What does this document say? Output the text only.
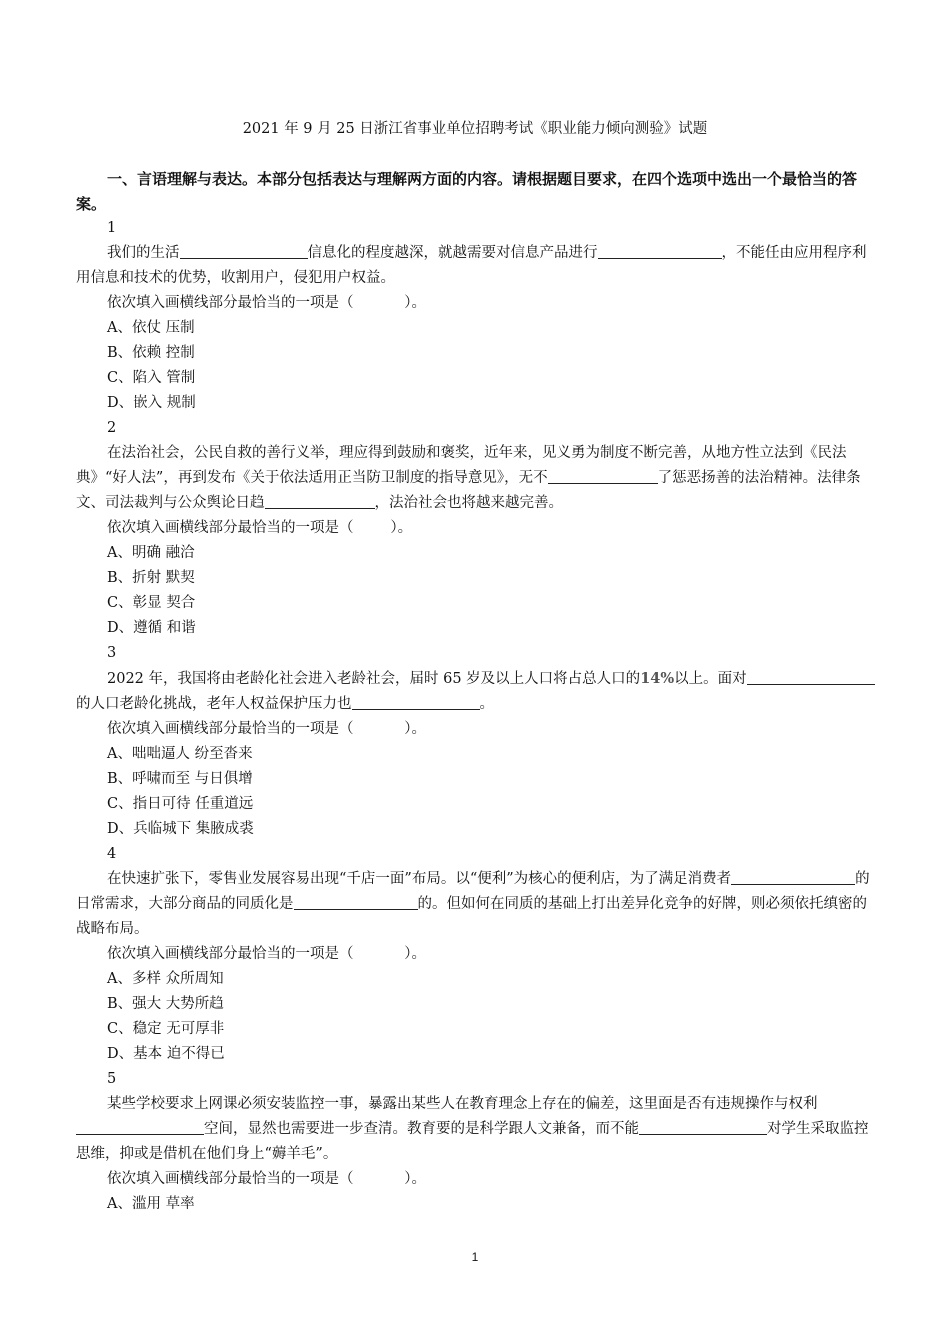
2021 年 9 月 25 日浙江省事业单位招聘考试《职业能力倾向测验》试题
一、言语理解与表达。本部分包括表达与理解两方面的内容。请根据题目要求，在四个选项中选出一个最恰当的答案。

1

我们的生活	信息化的程度越深，就越需要对信息产品进行	，不能任由应用程序利用信息和技术的优势，收割用户，侵犯用户权益。

依次填入画横线部分最恰当的一项是（	）。

A、依仗 压制

B、依赖 控制

C、陷入 管制

D、嵌入 规制

2

在法治社会，公民自救的善行义举，理应得到鼓励和褒奖，近年来，见义勇为制度不断完善，从地方性立法到《民法典》“好人法”，再到发布《关于依法适用正当防卫制度的指导意见》，无不	了惩恶扬善的法治精神。法律条文、司法裁判与公众舆论日趋	，法治社会也将越来越完善。

依次填入画横线部分最恰当的一项是（	）。

A、明确 融洽

B、折射 默契

C、彰显 契合

D、遵循 和谐

3

2022 年，我国将由老龄化社会进入老龄社会，届时 65 岁及以上人口将占总人口的14%以上。面对的人口老龄化挑战，老年人权益保护压力也	。

依次填入画横线部分最恰当的一项是（	）。

A、咄咄逼人 纷至沓来

B、呼啸而至 与日俱增

C、指日可待 任重道远

D、兵临城下 集腋成裘

4

在快速扩张下，零售业发展容易出现“千店一面”布局。以“便利”为核心的便利店，为了满足消费者	的日常需求，大部分商品的同质化是	的。但如何在同质的基础上打出差异化竞争的好牌，则必须依托缜密的战略布局。

依次填入画横线部分最恰当的一项是（	）。

A、多样 众所周知

B、强大 大势所趋

C、稳定 无可厚非

D、基本 迫不得已

5

某些学校要求上网课必须安装监控一事，暴露出某些人在教育理念上存在的偏差，这里面是否有违规操作与权利空间，显然也需要进一步查清。教育要的是科学跟人文兼备，而不能	对学生采取监控思维，抑或是借机在他们身上“薅羊毛”。

依次填入画横线部分最恰当的一项是（	）。

A、滥用 草率

1
